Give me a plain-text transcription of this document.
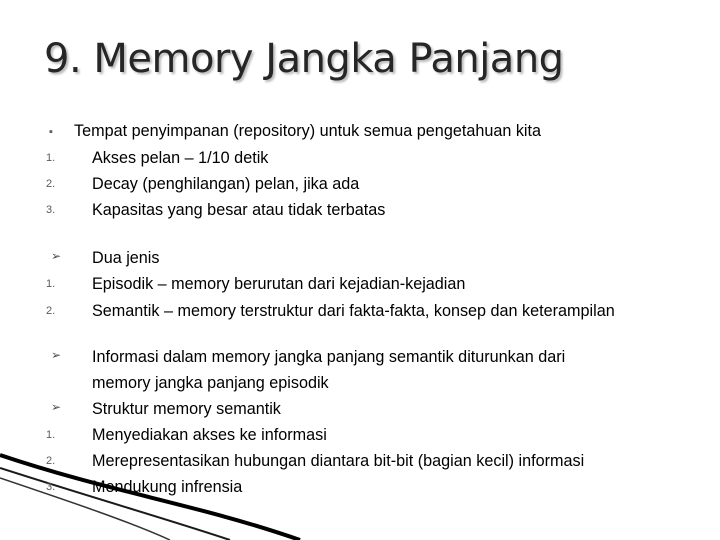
9. Memory Jangka Panjang
▪ Tempat penyimpanan (repository) untuk semua pengetahuan kita
1. Akses pelan – 1/10 detik
2. Decay (penghilangan) pelan, jika ada
3. Kapasitas yang besar atau tidak terbatas
➢ Dua jenis
1. Episodik – memory berurutan dari kejadian-kejadian
2. Semantik – memory terstruktur dari fakta-fakta, konsep dan keterampilan
➢ Informasi dalam memory jangka panjang semantik diturunkan dari
memory jangka panjang episodik
➢ Struktur memory semantik
1. Menyediakan akses ke informasi
2. Merepresentasikan hubungan diantara bit-bit (bagian kecil) informasi
3. Mendukung infrensia
